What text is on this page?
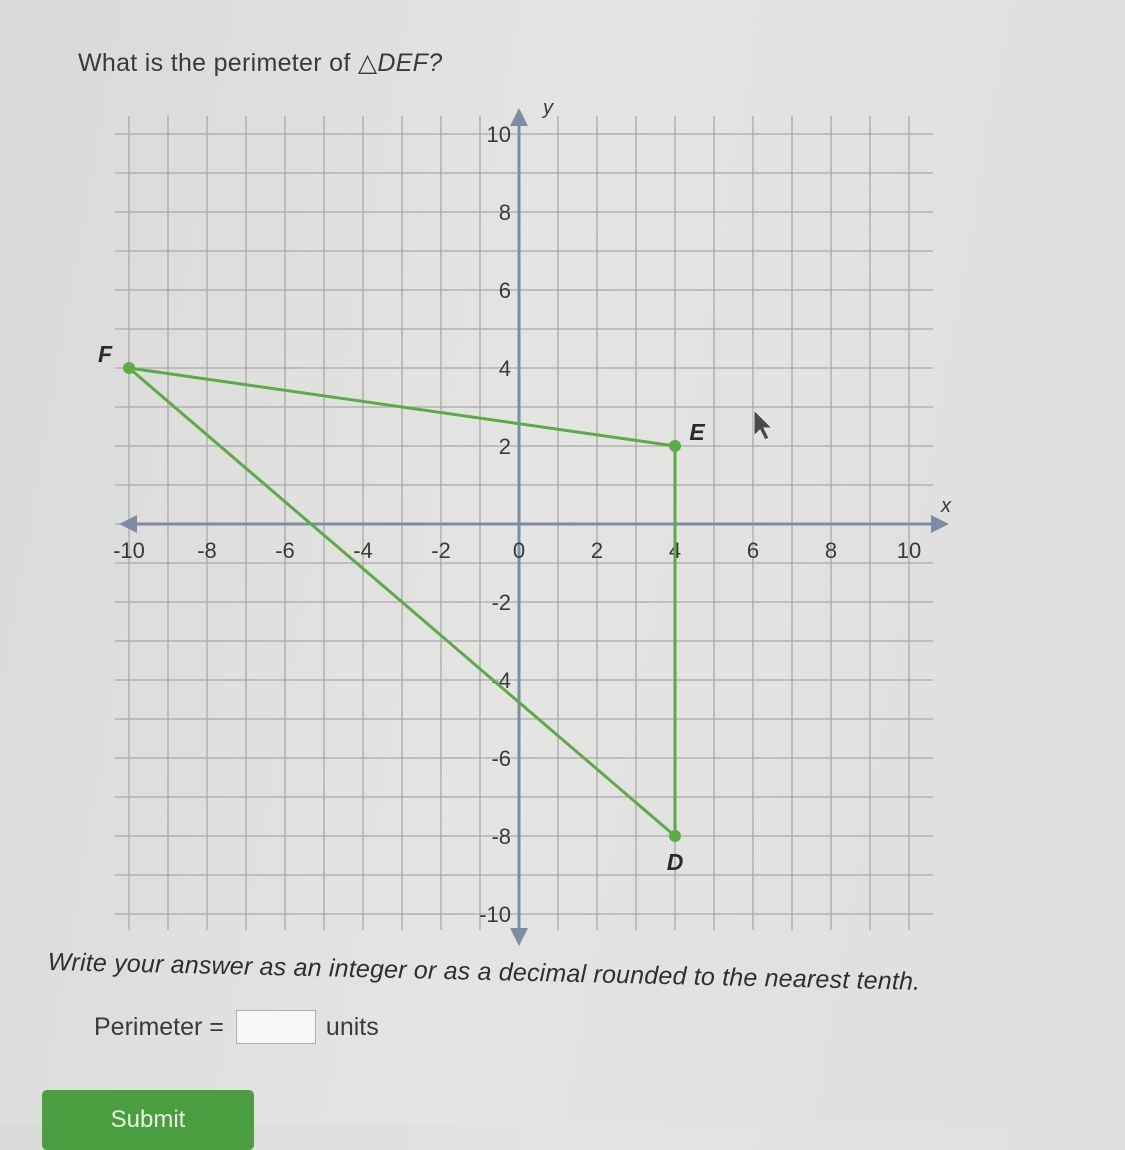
What is the perimeter of △DEF?
x
y
-10 -8	-6	-4	-2	0	2	4	6	8	10
10
8
6
4
2
-2
-4
-6
-8
-10
D
E
F
Write your answer as an integer or as a decimal rounded to the nearest tenth.
Perimeter =	units
Submit
